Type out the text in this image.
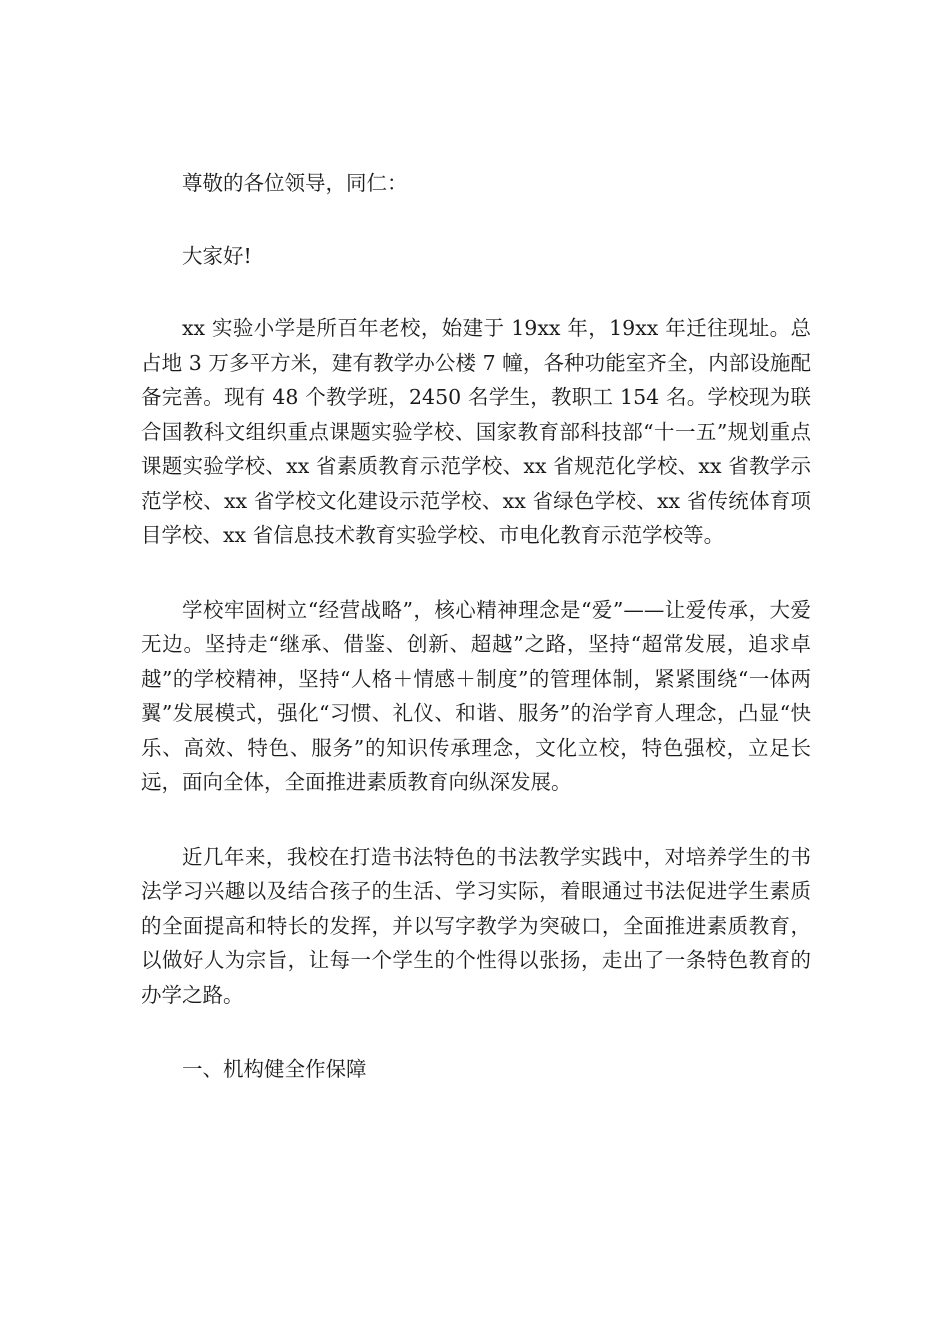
尊敬的各位领导，同仁：

大家好!

xx 实验小学是所百年老校，始建于 19xx 年，19xx 年迁往现址。总占地 3 万多平方米，建有教学办公楼 7 幢，各种功能室齐全，内部设施配备完善。现有 48 个教学班，2450 名学生，教职工 154 名。学校现为联合国教科文组织重点课题实验学校、国家教育部科技部“十一五”规划重点课题实验学校、xx 省素质教育示范学校、xx 省规范化学校、xx 省教学示范学校、xx 省学校文化建设示范学校、xx 省绿色学校、xx 省传统体育项目学校、xx 省信息技术教育实验学校、市电化教育示范学校等。

学校牢固树立“经营战略”，核心精神理念是“爱”——让爱传承，大爱无边。坚持走“继承、借鉴、创新、超越”之路，坚持“超常发展，追求卓越”的学校精神，坚持“人格＋情感＋制度”的管理体制，紧紧围绕“一体两翼”发展模式，强化“习惯、礼仪、和谐、服务”的治学育人理念，凸显“快乐、高效、特色、服务”的知识传承理念，文化立校，特色强校，立足长远，面向全体，全面推进素质教育向纵深发展。

近几年来，我校在打造书法特色的书法教学实践中，对培养学生的书法学习兴趣以及结合孩子的生活、学习实际，着眼通过书法促进学生素质的全面提高和特长的发挥，并以写字教学为突破口，全面推进素质教育，以做好人为宗旨，让每一个学生的个性得以张扬，走出了一条特色教育的办学之路。

一、机构健全作保障
